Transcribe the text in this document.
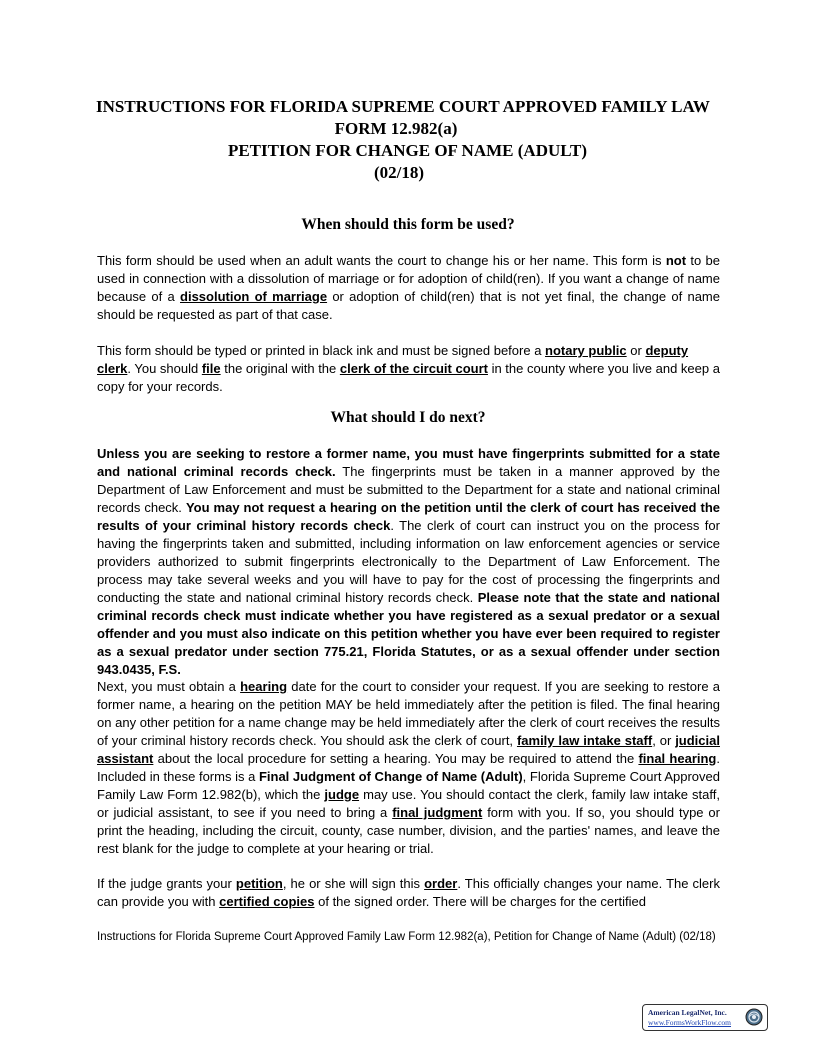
INSTRUCTIONS FOR FLORIDA SUPREME COURT APPROVED FAMILY LAW
FORM 12.982(a)
PETITION FOR CHANGE OF NAME (ADULT)
(02/18)
When should this form be used?

This form should be used when an adult wants the court to change his or her name. This form is not to be used in connection with a dissolution of marriage or for adoption of child(ren). If you want a change of name because of a dissolution of marriage or adoption of child(ren) that is not yet final, the change of name should be requested as part of that case.

This form should be typed or printed in black ink and must be signed before a notary public or deputy clerk. You should file the original with the clerk of the circuit court in the county where you live and keep a copy for your records.

What should I do next?

Unless you are seeking to restore a former name, you must have fingerprints submitted for a state and national criminal records check. The fingerprints must be taken in a manner approved by the Department of Law Enforcement and must be submitted to the Department for a state and national criminal records check. You may not request a hearing on the petition until the clerk of court has received the results of your criminal history records check. The clerk of court can instruct you on the process for having the fingerprints taken and submitted, including information on law enforcement agencies or service providers authorized to submit fingerprints electronically to the Department of Law Enforcement. The process may take several weeks and you will have to pay for the cost of processing the fingerprints and conducting the state and national criminal history records check. Please note that the state and national criminal records check must indicate whether you have registered as a sexual predator or a sexual offender and you must also indicate on this petition whether you have ever been required to register as a sexual predator under section 775.21, Florida Statutes, or as a sexual offender under section 943.0435, F.S.

Next, you must obtain a hearing date for the court to consider your request. If you are seeking to restore a former name, a hearing on the petition MAY be held immediately after the petition is filed. The final hearing on any other petition for a name change may be held immediately after the clerk of court receives the results of your criminal history records check. You should ask the clerk of court, family law intake staff, or judicial assistant about the local procedure for setting a hearing. You may be required to attend the final hearing. Included in these forms is a Final Judgment of Change of Name (Adult), Florida Supreme Court Approved Family Law Form 12.982(b), which the judge may use. You should contact the clerk, family law intake staff, or judicial assistant, to see if you need to bring a final judgment form with you. If so, you should type or print the heading, including the circuit, county, case number, division, and the parties' names, and leave the rest blank for the judge to complete at your hearing or trial.

If the judge grants your petition, he or she will sign this order. This officially changes your name. The clerk can provide you with certified copies of the signed order. There will be charges for the certified

Instructions for Florida Supreme Court Approved Family Law Form 12.982(a), Petition for Change of Name (Adult) (02/18)

American LegalNet, Inc.
www.FormsWorkFlow.com
